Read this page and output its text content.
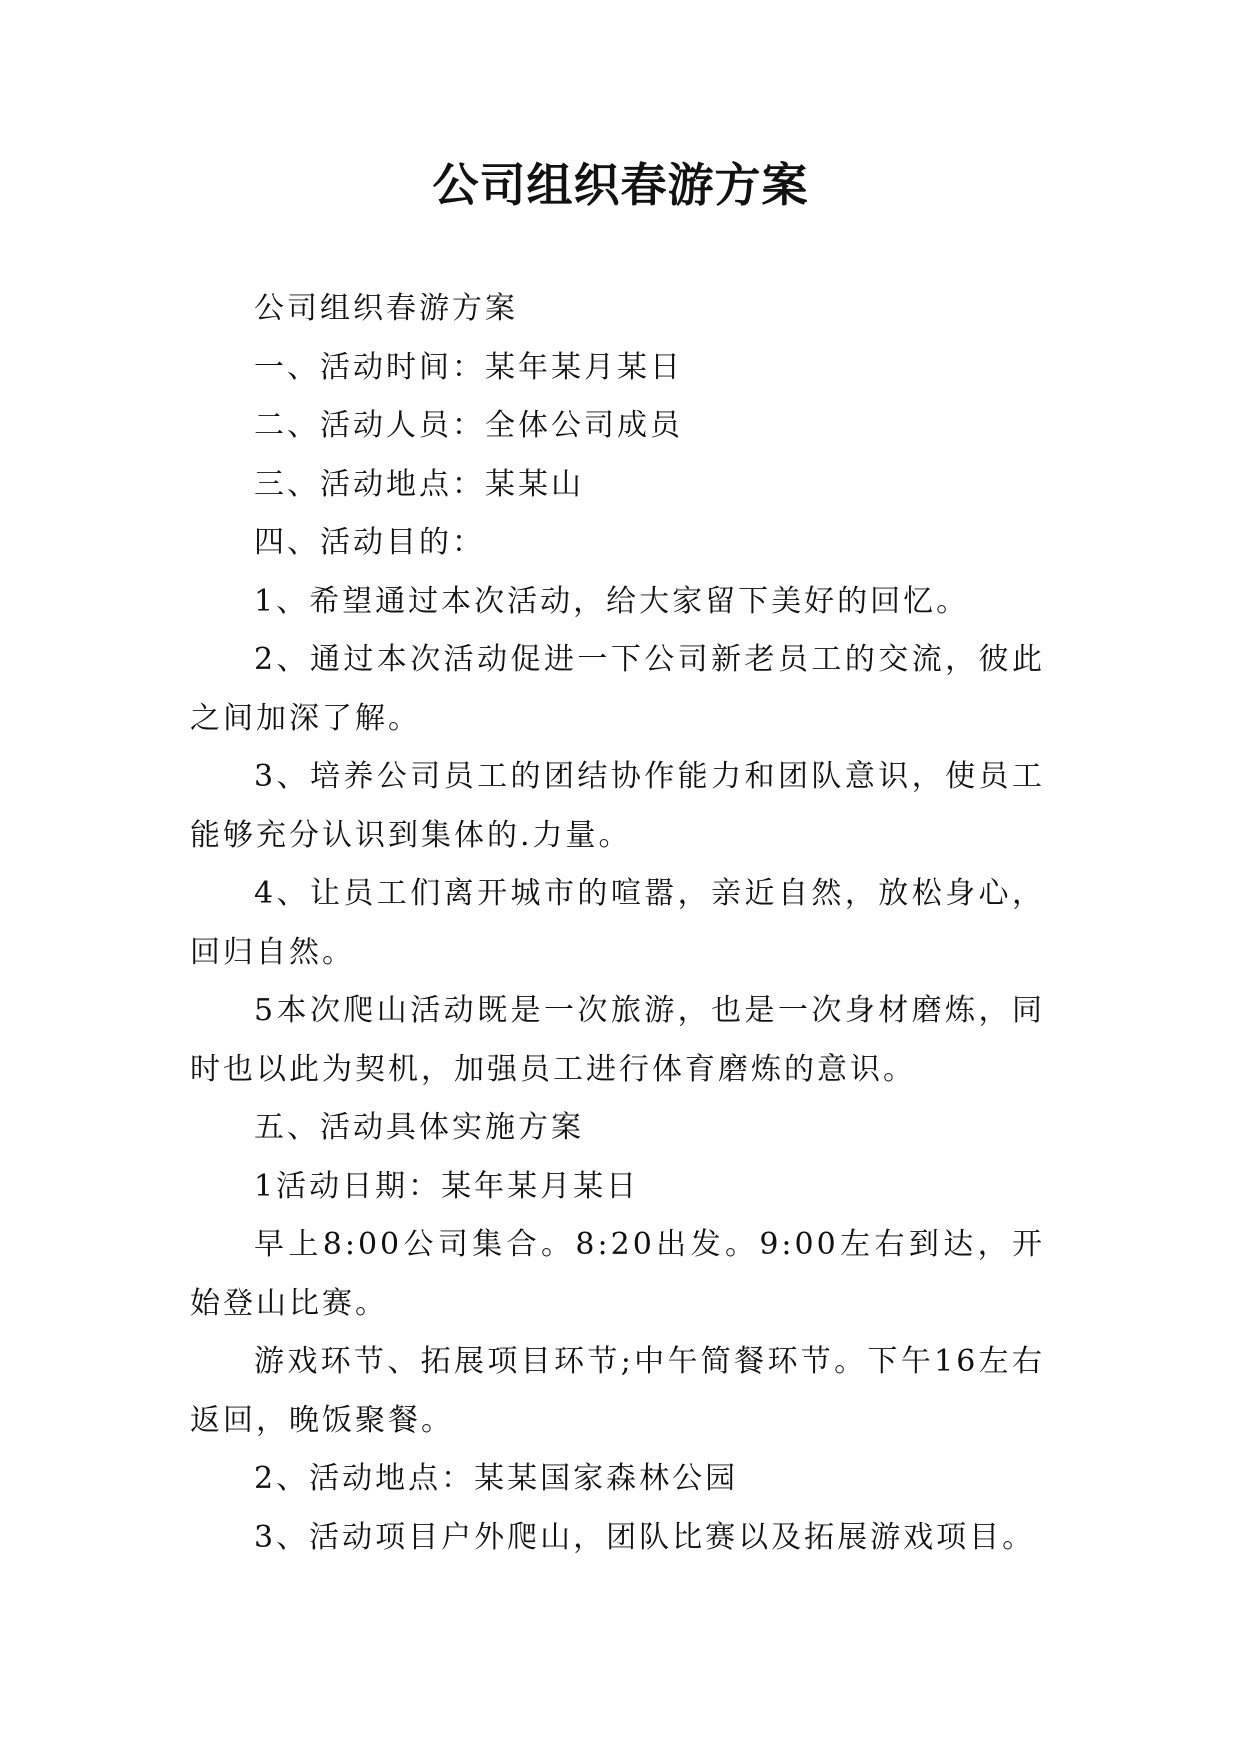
公司组织春游方案

公司组织春游方案

一、活动时间：某年某月某日

二、活动人员：全体公司成员

三、活动地点：某某山

四、活动目的：

1、希望通过本次活动，给大家留下美好的回忆。

2、通过本次活动促进一下公司新老员工的交流，彼此之间加深了解。

3、培养公司员工的团结协作能力和团队意识，使员工能够充分认识到集体的.力量。

4、让员工们离开城市的喧嚣，亲近自然，放松身心，回归自然。

5本次爬山活动既是一次旅游，也是一次身材磨炼，同时也以此为契机，加强员工进行体育磨炼的意识。

五、活动具体实施方案

1活动日期：某年某月某日

早上8:00公司集合。8:20出发。9:00左右到达，开始登山比赛。

游戏环节、拓展项目环节;中午简餐环节。下午16左右返回，晚饭聚餐。

2、活动地点：某某国家森林公园

3、活动项目户外爬山，团队比赛以及拓展游戏项目。
